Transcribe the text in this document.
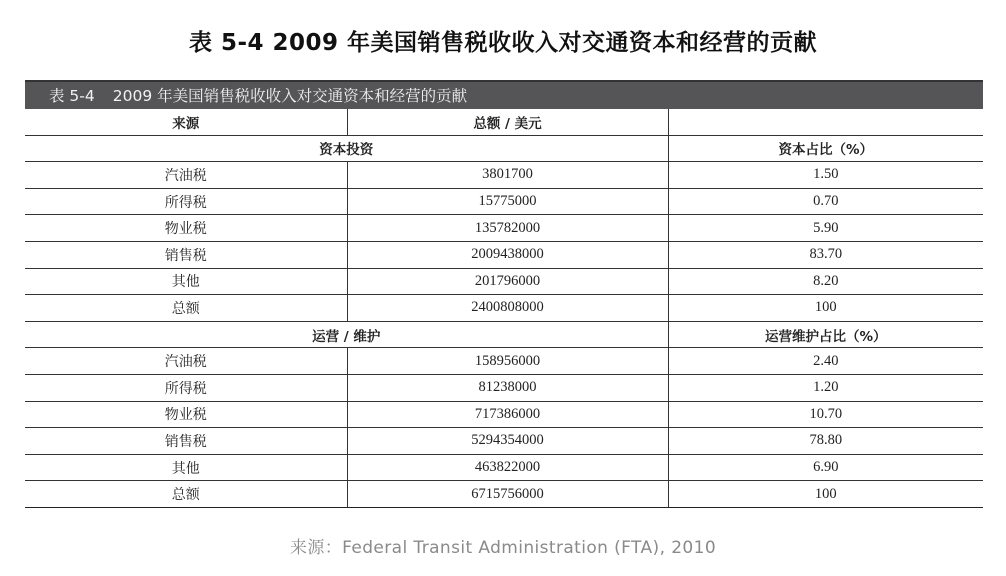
表 5-4 2009 年美国销售税收收入对交通资本和经营的贡献
表 5-4 2009 年美国销售税收收入对交通资本和经营的贡献
来源	总额 / 美元	
资本投资		资本占比（%）
汽油税	3801700	1.50
所得税	15775000	0.70
物业税	135782000	5.90
销售税	2009438000	83.70
其他	201796000	8.20
总额	2400808000	100
运营 / 维护		运营维护占比（%）
汽油税	158956000	2.40
所得税	81238000	1.20
物业税	717386000	10.70
销售税	5294354000	78.80
其他	463822000	6.90
总额	6715756000	100
来源：Federal Transit Administration (FTA), 2010
